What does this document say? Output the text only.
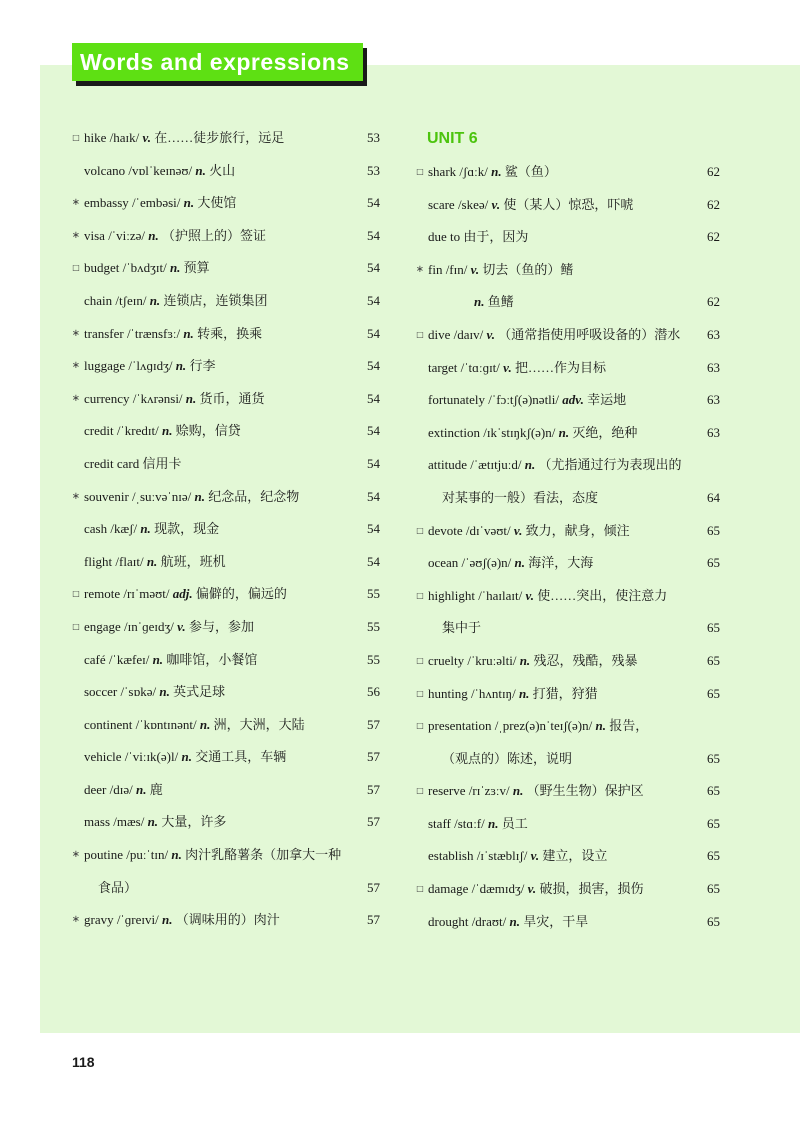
Words and expressions
□ hike /haɪk/ v. 在……徒步旅行，远足	53
volcano /vɒlˈkeɪnəʊ/ n. 火山	53
∗ embassy /ˈembəsi/ n. 大使馆	54
∗ visa /ˈviːzə/ n. （护照上的）签证	54
□ budget /ˈbʌdʒɪt/ n. 预算	54
chain /tʃeɪn/ n. 连锁店，连锁集团	54
∗ transfer /ˈtrænsfɜː/ n. 转乘，换乘	54
∗ luggage /ˈlʌɡɪdʒ/ n. 行李	54
∗ currency /ˈkʌrənsi/ n. 货币，通货	54
credit /ˈkredɪt/ n. 赊购，信贷	54
credit card 信用卡	54
∗ souvenir /ˌsuːvəˈnɪə/ n. 纪念品，纪念物	54
cash /kæʃ/ n. 现款，现金	54
flight /flaɪt/ n. 航班，班机	54
□ remote /rɪˈməʊt/ adj. 偏僻的，偏远的	55
□ engage /ɪnˈɡeɪdʒ/ v. 参与，参加	55
café /ˈkæfeɪ/ n. 咖啡馆，小餐馆	55
soccer /ˈsɒkə/ n. 英式足球	56
continent /ˈkɒntɪnənt/ n. 洲，大洲，大陆	57
vehicle /ˈviːɪk(ə)l/ n. 交通工具，车辆	57
deer /dɪə/ n. 鹿	57
mass /mæs/ n. 大量，许多	57
∗ poutine /puːˈtɪn/ n. 肉汁乳酪薯条（加拿大一种
食品）	57
∗ gravy /ˈɡreɪvi/ n. （调味用的）肉汁	57
UNIT 6
□ shark /ʃɑːk/ n. 鲨（鱼）	62
scare /skeə/ v. 使（某人）惊恐，吓唬	62
due to 由于，因为	62
∗ fin /fɪn/ v. 切去（鱼的）鳍
n. 鱼鳍	62
□ dive /daɪv/ v. （通常指使用呼吸设备的）潜水 63
target /ˈtɑːɡɪt/ v. 把……作为目标	63
fortunately /ˈfɔːtʃ(ə)nətli/ adv. 幸运地	63
extinction /ɪkˈstɪŋkʃ(ə)n/ n. 灭绝，绝种	63
attitude /ˈætɪtjuːd/ n. （尤指通过行为表现出的
对某事的一般）看法，态度	64
□ devote /dɪˈvəʊt/ v. 致力，献身，倾注	65
ocean /ˈəʊʃ(ə)n/ n. 海洋，大海	65
□ highlight /ˈhaɪlaɪt/ v. 使……突出，使注意力
集中于	65
□ cruelty /ˈkruːəlti/ n. 残忍，残酷，残暴	65
□ hunting /ˈhʌntɪŋ/ n. 打猎，狩猎	65
□ presentation /ˌprez(ə)nˈteɪʃ(ə)n/ n. 报告，
（观点的）陈述，说明	65
□ reserve /rɪˈzɜːv/ n. （野生生物）保护区	65
staff /stɑːf/ n. 员工	65
establish /ɪˈstæblɪʃ/ v. 建立，设立	65
□ damage /ˈdæmɪdʒ/ v. 破损，损害，损伤	65
drought /draʊt/ n. 旱灾，干旱	65
118
